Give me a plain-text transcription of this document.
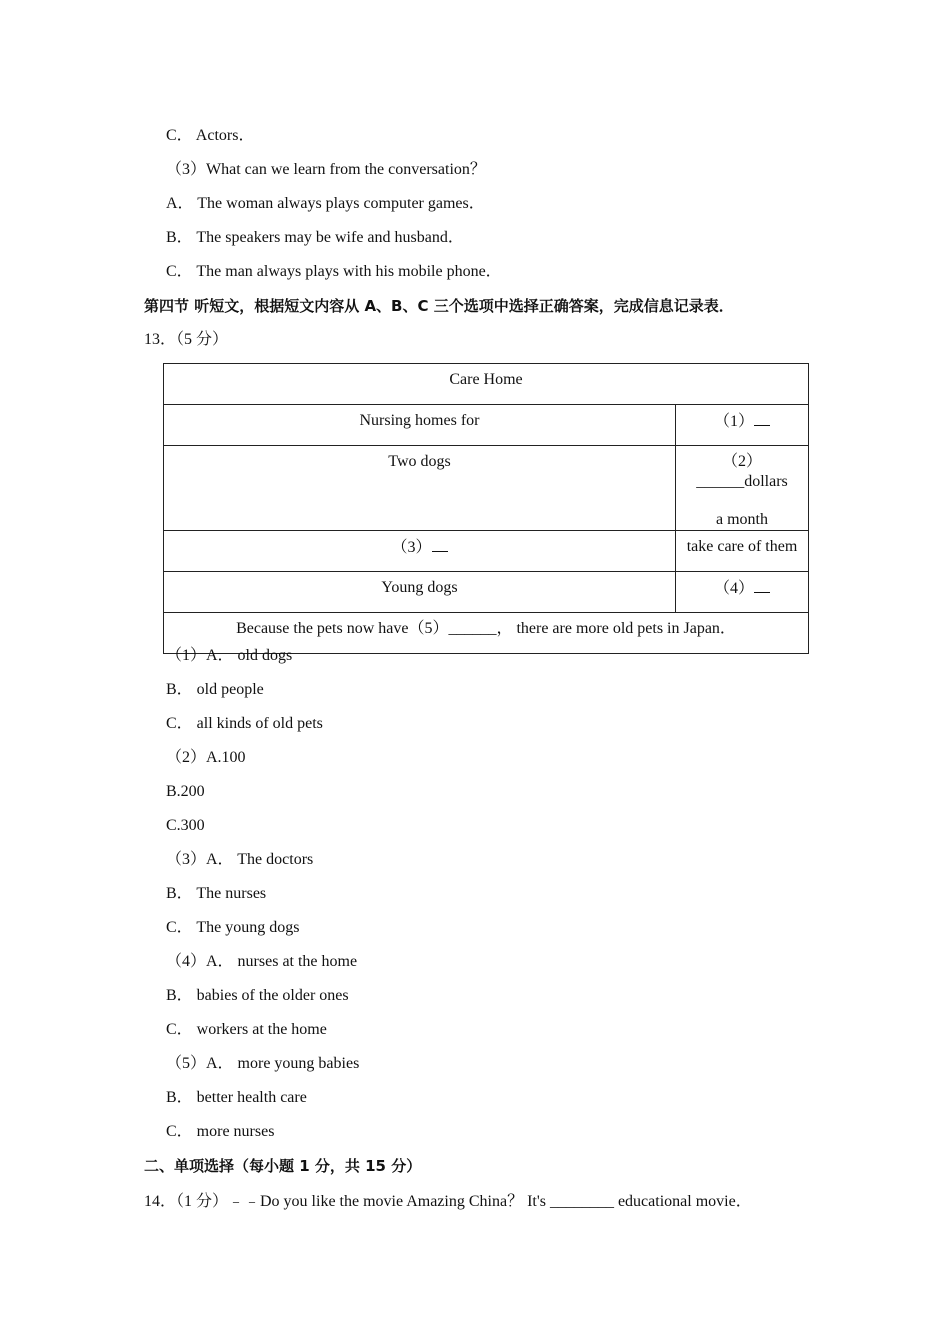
C． Actors．
（3）What can we learn from the conversation？
A． The woman always plays computer games．
B． The speakers may be wife and husband．
C． The man always plays with his mobile phone．
第四节 听短文，根据短文内容从 A、B、C 三个选项中选择正确答案，完成信息记录表．
13．（5 分）
Care Home	
Nursing homes for	（1）
Two dogs	（2）______dollars
a month

（3）	take care of them
Young dogs	（4）
Because the pets now have（5）______， there are more old pets in Japan．	
（1）A． old dogs
B． old people
C． all kinds of old pets
（2）A.100
B.200
C.300
（3）A． The doctors
B． The nurses
C． The young dogs
（4）A． nurses at the home
B． babies of the older ones
C． workers at the home
（5）A． more young babies
B． better health care
C． more nurses
二、单项选择（每小题 1 分，共 15 分）
14．（1 分）﹣﹣Do you like the movie Amazing China？ It's ________ educational movie．
